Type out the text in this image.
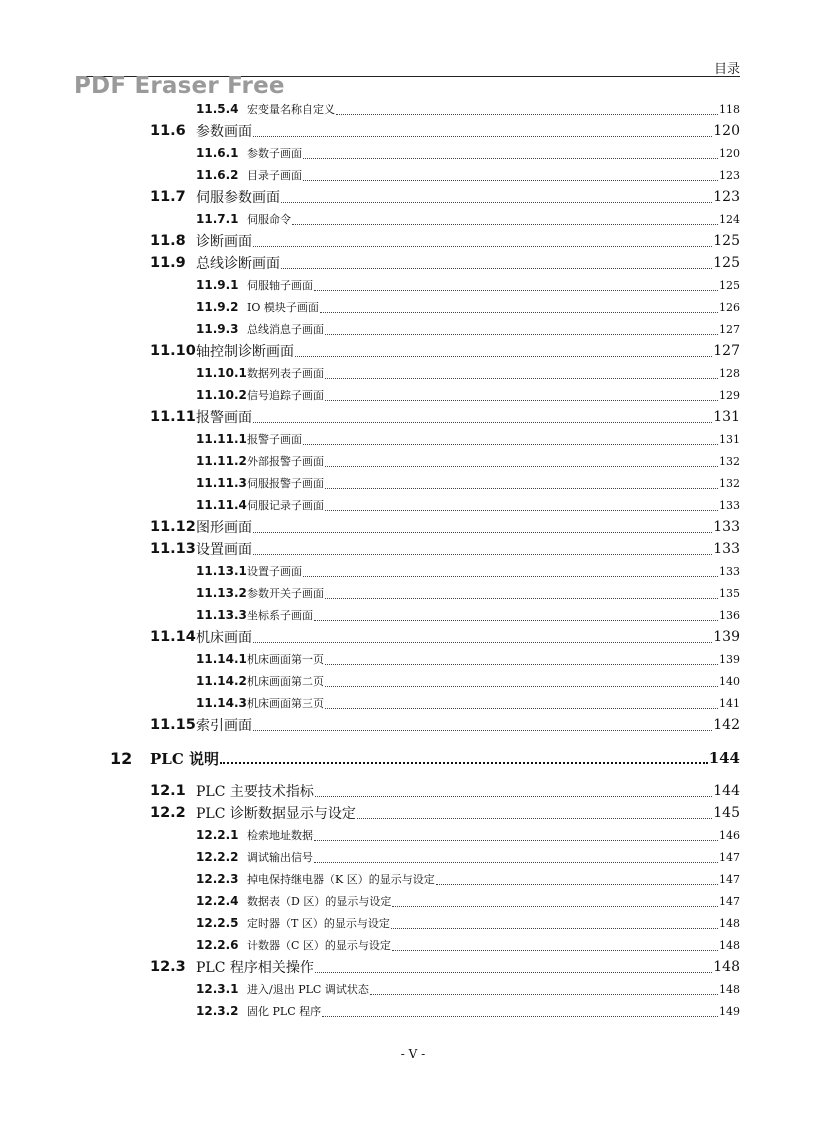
目录
PDF Eraser Free
11.5.4 宏变量名称自定义	118
11.6 参数画面	120
11.6.1 参数子画面	120
11.6.2 目录子画面	123
11.7 伺服参数画面	123
11.7.1 伺服命令	124
11.8 诊断画面	125
11.9 总线诊断画面	125
11.9.1 伺服轴子画面	125
11.9.2 IO 模块子画面	126
11.9.3 总线消息子画面	127
11.10 轴控制诊断画面	127
11.10.1 数据列表子画面	128
11.10.2 信号追踪子画面	129
11.11 报警画面	131
11.11.1 报警子画面	131
11.11.2 外部报警子画面	132
11.11.3 伺服报警子画面	132
11.11.4 伺服记录子画面	133
11.12 图形画面	133
11.13 设置画面	133
11.13.1 设置子画面	133
11.13.2 参数开关子画面	135
11.13.3 坐标系子画面	136
11.14 机床画面	139
11.14.1 机床画面第一页	139
11.14.2 机床画面第二页	140
11.14.3 机床画面第三页	141
11.15 索引画面	142
12	PLC 说明	144
12.1 PLC 主要技术指标	144
12.2 PLC 诊断数据显示与设定	145
12.2.1 检索地址数据	146
12.2.2 调试输出信号	147
12.2.3 掉电保持继电器（K 区）的显示与设定	147
12.2.4 数据表（D 区）的显示与设定	147
12.2.5 定时器（T 区）的显示与设定	148
12.2.6 计数器（C 区）的显示与设定	148
12.3 PLC 程序相关操作	148
12.3.1 进入/退出 PLC 调试状态	148
12.3.2 固化 PLC 程序	149
- V -
